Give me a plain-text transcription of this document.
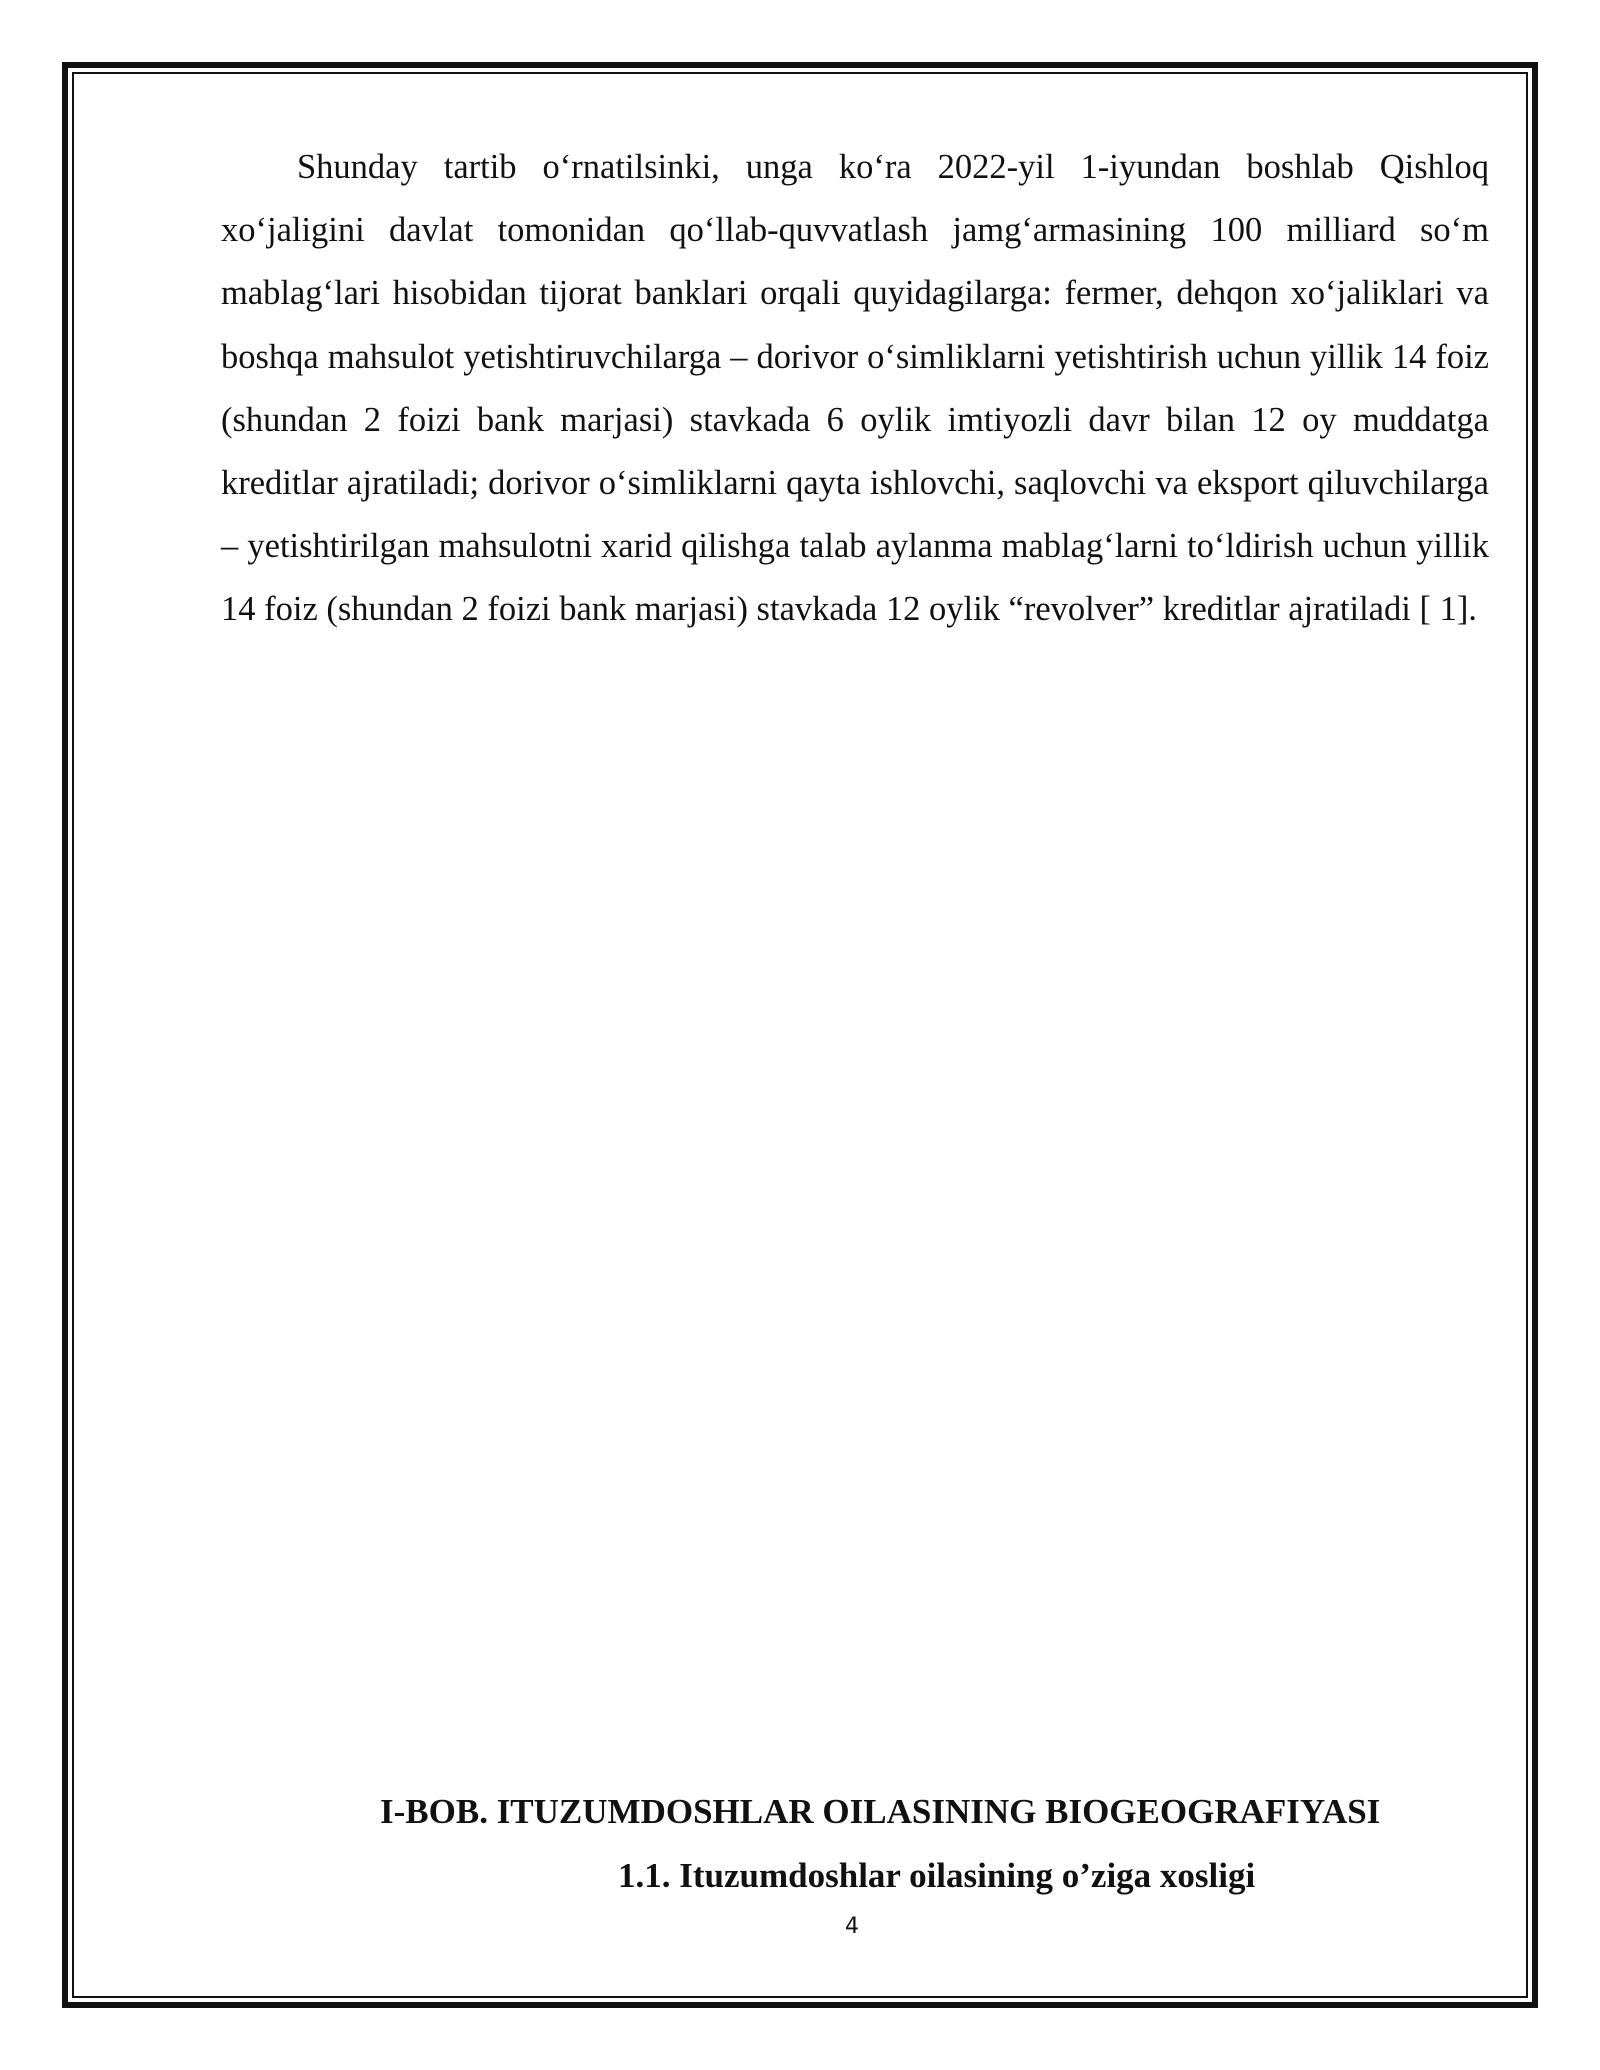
Shunday tartib oʻrnatilsinki, unga koʻra 2022-yil 1-iyundan boshlab Qishloq xoʻjaligini davlat tomonidan qoʻllab-quvvatlash jamgʻarmasining 100 milliard soʻm mablagʻlari hisobidan tijorat banklari orqali quyidagilarga: fermer, dehqon xoʻjaliklari va boshqa mahsulot yetishtiruvchilarga – dorivor oʻsimliklarni yetishtirish uchun yillik 14 foiz (shundan 2 foizi bank marjasi) stavkada 6 oylik imtiyozli davr bilan 12 oy muddatga kreditlar ajratiladi; dorivor oʻsimliklarni qayta ishlovchi, saqlovchi va eksport qiluvchilarga – yetishtirilgan mahsulotni xarid qilishga talab aylanma mablagʻlarni toʻldirish uchun yillik 14 foiz (shundan 2 foizi bank marjasi) stavkada 12 oylik “revolver” kreditlar ajratiladi [ 1].

I-BOB. ITUZUMDOSHLAR OILASINING BIOGEOGRAFIYASI
1.1. Ituzumdoshlar oilasining o’ziga xosligi
4
